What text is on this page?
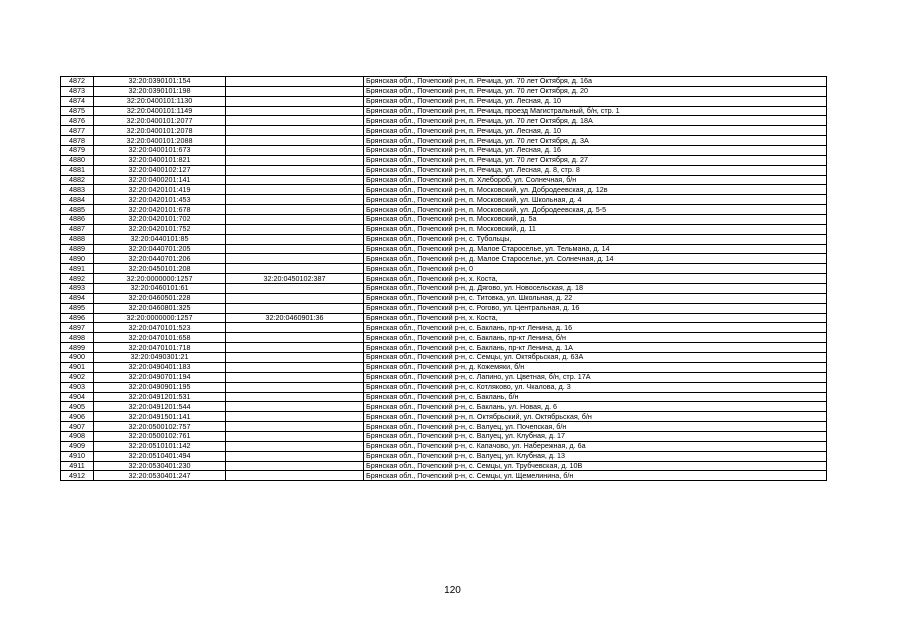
4872	32:20:0390101:154		Брянская обл., Почепский р-н, п. Речица, ул. 70 лет Октября, д. 16а
4873	32:20:0390101:198		Брянская обл., Почепский р-н, п. Речица, ул. 70 лет Октября, д. 20
4874	32:20:0400101:1130		Брянская обл., Почепский р-н, п. Речица, ул. Лесная, д. 10
4875	32:20:0400101:1149		Брянская обл., Почепский р-н, п. Речица, проезд Магистральный, б/н, стр. 1
4876	32:20:0400101:2077		Брянская обл., Почепский р-н, п. Речица, ул. 70 лет Октября, д. 18А
4877	32:20:0400101:2078		Брянская обл., Почепский р-н, п. Речица, ул. Лесная, д. 10
4878	32:20:0400101:2088		Брянская обл., Почепский р-н, п. Речица, ул. 70 лет Октября, д. 3А
4879	32:20:0400101:673		Брянская обл., Почепский р-н, п. Речица, ул. Лесная, д. 16
4880	32:20:0400101:821		Брянская обл., Почепский р-н, п. Речица, ул. 70 лет Октября, д. 27
4881	32:20:0400102:127		Брянская обл., Почепский р-н, п. Речица, ул. Лесная, д. 8, стр. 8
4882	32:20:0400201:141		Брянская обл., Почепский р-н, п. Хлебороб, ул. Солнечная, б/н
4883	32:20:0420101:419		Брянская обл., Почепский р-н, п. Московский, ул. Добродеевская, д. 12в
4884	32:20:0420101:453		Брянская обл., Почепский р-н, п. Московский, ул. Школьная, д. 4
4885	32:20:0420101:678		Брянская обл., Почепский р-н, п. Московский, ул. Добродеевская, д. 5-5
4886	32:20:0420101:702		Брянская обл., Почепский р-н, п. Московский, д. 5а
4887	32:20:0420101:752		Брянская обл., Почепский р-н, п. Московский, д. 11
4888	32:20:0440101:85		Брянская обл., Почепский р-н, с. Тубольцы,
4889	32:20:0440701:205		Брянская обл., Почепский р-н, д. Малое Староселье, ул. Тельмана, д. 14
4890	32:20:0440701:206		Брянская обл., Почепский р-н, д. Малое Староселье, ул. Солнечная, д. 14
4891	32:20:0450101:208		Брянская обл., Почепский р-н, 0
4892	32:20:0000000:1257	32:20:0450102:387	Брянская обл., Почепский р-н, х. Коста,
4893	32:20:0460101:61		Брянская обл., Почепский р-н, д. Дягово, ул. Новосельская, д. 18
4894	32:20:0460501:228		Брянская обл., Почепский р-н, с. Титовка, ул. Школьная, д. 22
4895	32:20:0460801:325		Брянская обл., Почепский р-н, с. Рогово, ул. Центральная, д. 16
4896	32:20:0000000:1257	32:20:0460901:36	Брянская обл., Почепский р-н, х. Коста,
4897	32:20:0470101:523		Брянская обл., Почепский р-н, с. Баклань, пр-кт Ленина, д. 16
4898	32:20:0470101:658		Брянская обл., Почепский р-н, с. Баклань, пр-кт Ленина, б/н
4899	32:20:0470101:718		Брянская обл., Почепский р-н, с. Баклань, пр-кт Ленина, д. 1А
4900	32:20:0490301:21		Брянская обл., Почепский р-н, с. Семцы, ул. Октябрьская, д. 63А
4901	32:20:0490401:183		Брянская обл., Почепский р-н, д. Кожемяки, б/н
4902	32:20:0490701:194		Брянская обл., Почепский р-н, с. Лапино, ул. Цветная, б/н, стр. 17А
4903	32:20:0490901:195		Брянская обл., Почепский р-н, с. Котляково, ул. Чкалова, д. 3
4904	32:20:0491201:531		Брянская обл., Почепский р-н, с. Баклань, б/н
4905	32:20:0491201:544		Брянская обл., Почепский р-н, с. Баклань, ул. Новая, д. 6
4906	32:20:0491501:141		Брянская обл., Почепский р-н, п. Октябрьский, ул. Октябрьская, б/н
4907	32:20:0500102:757		Брянская обл., Почепский р-н, с. Валуец, ул. Почепская, б/н
4908	32:20:0500102:761		Брянская обл., Почепский р-н, с. Валуец, ул. Клубная, д. 17
4909	32:20:0510101:142		Брянская обл., Почепский р-н, с. Капачово, ул. Набережная, д. 6а
4910	32:20:0510401:494		Брянская обл., Почепский р-н, с. Валуец, ул. Клубная, д. 13
4911	32:20:0530401:230		Брянская обл., Почепский р-н, с. Семцы, ул. Трубчевская, д. 10В
4912	32:20:0530401:247		Брянская обл., Почепский р-н, с. Семцы, ул. Щемелинина, б/н
120
